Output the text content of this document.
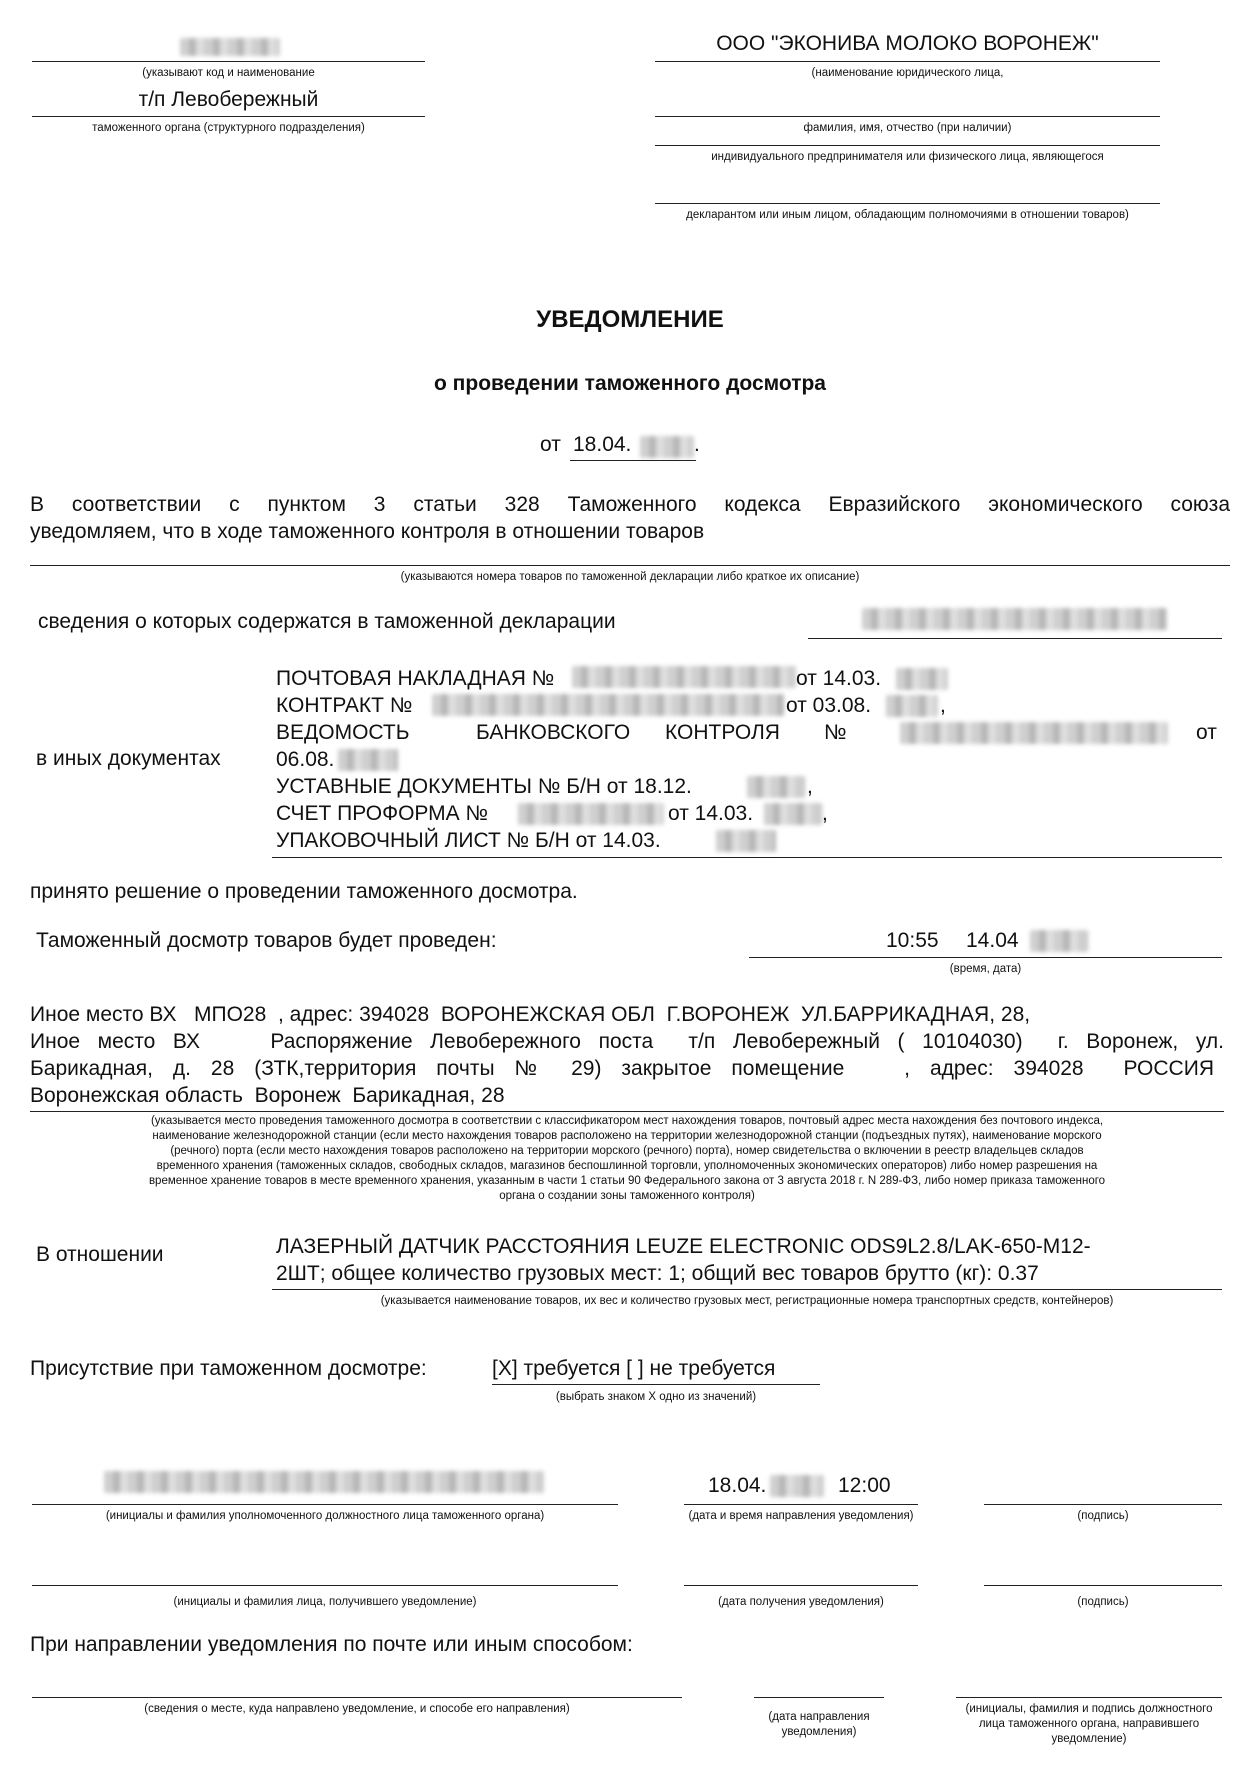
(указывают код и наименование
т/п Левобережный
таможенного органа (структурного подразделения)
ООО "ЭКОНИВА МОЛОКО ВОРОНЕЖ"
(наименование юридического лица,
фамилия, имя, отчество (при наличии)
индивидуального предпринимателя или физического лица, являющегося
декларантом или иным лицом, обладающим полномочиями в отношении товаров)
УВЕДОМЛЕНИЕ
о проведении таможенного досмотра
от 18.04.	.
В соответствии с пунктом 3 статьи 328 Таможенного кодекса Евразийского экономического союза
уведомляем, что в ходе таможенного контроля в отношении товаров
(указываются номера товаров по таможенной декларации либо краткое их описание)
сведения о которых содержатся в таможенной декларации
в иных документах
ПОЧТОВАЯ НАКЛАДНАЯ №	от 14.03.
КОНТРАКТ №	от 03.08.	,
ВЕДОМОСТЬ	БАНКОВСКОГО КОНТРОЛЯ №	от
06.08.
УСТАВНЫЕ ДОКУМЕНТЫ № Б/Н от 18.12.	,
СЧЕТ ПРОФОРМА №	от 14.03.	,
УПАКОВОЧНЫЙ ЛИСТ № Б/Н от 14.03.
принято решение о проведении таможенного досмотра.
Таможенный досмотр товаров будет проведен:	10:55 14.04
(время, дата)
Иное место ВХ   МПО28  , адрес: 394028  ВОРОНЕЖСКАЯ ОБЛ  Г.ВОРОНЕЖ  УЛ.БАРРИКАДНАЯ, 28,
Иное место ВХ    Распоряжение Левобережного поста  т/п Левобережный ( 10104030)  г. Воронеж, ул.
Барикадная, д. 28 (ЗТК,территория почты № 29) закрытое помещение   , адрес: 394028  РОССИЯ
Воронежская область  Воронеж  Барикадная, 28
(указывается место проведения таможенного досмотра в соответствии с классификатором мест нахождения товаров, почтовый адрес места нахождения без почтового индекса,
наименование железнодорожной станции (если место нахождения товаров расположено на территории железнодорожной станции (подъездных путях), наименование морского
(речного) порта (если место нахождения товаров расположено на территории морского (речного) порта), номер свидетельства о включении в реестр владельцев складов
временного хранения (таможенных складов, свободных складов, магазинов беспошлинной торговли, уполномоченных экономических операторов) либо номер разрешения на
временное хранение товаров в месте временного хранения, указанным в части 1 статьи 90 Федерального закона от 3 августа 2018 г. N 289-ФЗ, либо номер приказа таможенного
органа о создании зоны таможенного контроля)
В отношении	ЛАЗЕРНЫЙ ДАТЧИК РАССТОЯНИЯ LEUZE ELECTRONIC ODS9L2.8/LAK-650-M12-
2ШТ; общее количество грузовых мест: 1; общий вес товаров брутто (кг): 0.37
(указывается наименование товаров, их вес и количество грузовых мест, регистрационные номера транспортных средств, контейнеров)
Присутствие при таможенном досмотре:	[X] требуется [ ] не требуется
(выбрать знаком X одно из значений)
(инициалы и фамилия уполномоченного должностного лица таможенного органа)
18.04.	12:00
(дата и время направления уведомления)	(подпись)
(инициалы и фамилия лица, получившего уведомление)	(дата получения уведомления)	(подпись)
При направлении уведомления по почте или иным способом:
(сведения о месте, куда направлено уведомление, и способе его направления)
(дата направления уведомления)
(инициалы, фамилия и подпись должностного лица таможенного органа, направившего уведомление)
